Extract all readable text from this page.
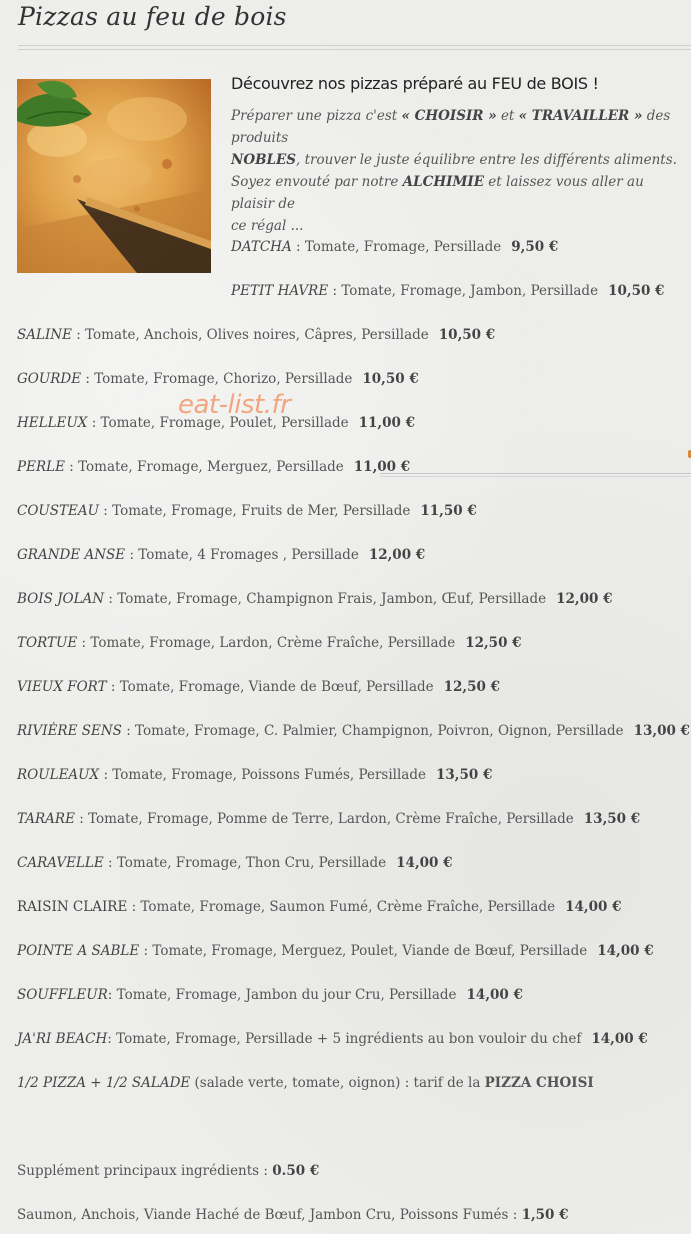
Pizzas au feu de bois
Découvrez nos pizzas préparé au FEU de BOIS !
Préparer une pizza c'est « CHOISIR » et « TRAVAILLER » des produits
NOBLES, trouver le juste équilibre entre les différents aliments.
Soyez envouté par notre ALCHIMIE et laissez vous aller au plaisir de
ce régal ...
DATCHA : Tomate, Fromage, Persillade 9,50 €
PETIT HAVRE : Tomate, Fromage, Jambon, Persillade 10,50 €
SALINE : Tomate, Anchois, Olives noires, Câpres, Persillade 10,50 €
GOURDE : Tomate, Fromage, Chorizo, Persillade 10,50 €
HELLEUX : Tomate, Fromage, Poulet, Persillade 11,00 €
PERLE : Tomate, Fromage, Merguez, Persillade 11,00 €
COUSTEAU : Tomate, Fromage, Fruits de Mer, Persillade 11,50 €
GRANDE ANSE : Tomate, 4 Fromages , Persillade 12,00 €
BOIS JOLAN : Tomate, Fromage, Champignon Frais, Jambon, Œuf, Persillade 12,00 €
TORTUE : Tomate, Fromage, Lardon, Crème Fraîche, Persillade 12,50 €
VIEUX FORT : Tomate, Fromage, Viande de Bœuf, Persillade 12,50 €
RIVIÈRE SENS : Tomate, Fromage, C. Palmier, Champignon, Poivron, Oignon, Persillade 13,00 €
ROULEAUX : Tomate, Fromage, Poissons Fumés, Persillade 13,50 €
TARARE : Tomate, Fromage, Pomme de Terre, Lardon, Crème Fraîche, Persillade 13,50 €
CARAVELLE : Tomate, Fromage, Thon Cru, Persillade 14,00 €
RAISIN CLAIRE : Tomate, Fromage, Saumon Fumé, Crème Fraîche, Persillade 14,00 €
POINTE A SABLE : Tomate, Fromage, Merguez, Poulet, Viande de Bœuf, Persillade 14,00 €
SOUFFLEUR: Tomate, Fromage, Jambon du jour Cru, Persillade 14,00 €
JA'RI BEACH: Tomate, Fromage, Persillade + 5 ingrédients au bon vouloir du chef 14,00 €
1/2 PIZZA + 1/2 SALADE (salade verte, tomate, oignon) : tarif de la PIZZA CHOISI
Supplément principaux ingrédients : 0.50 €
Saumon, Anchois, Viande Haché de Bœuf, Jambon Cru, Poissons Fumés : 1,50 €
eat-list.fr
